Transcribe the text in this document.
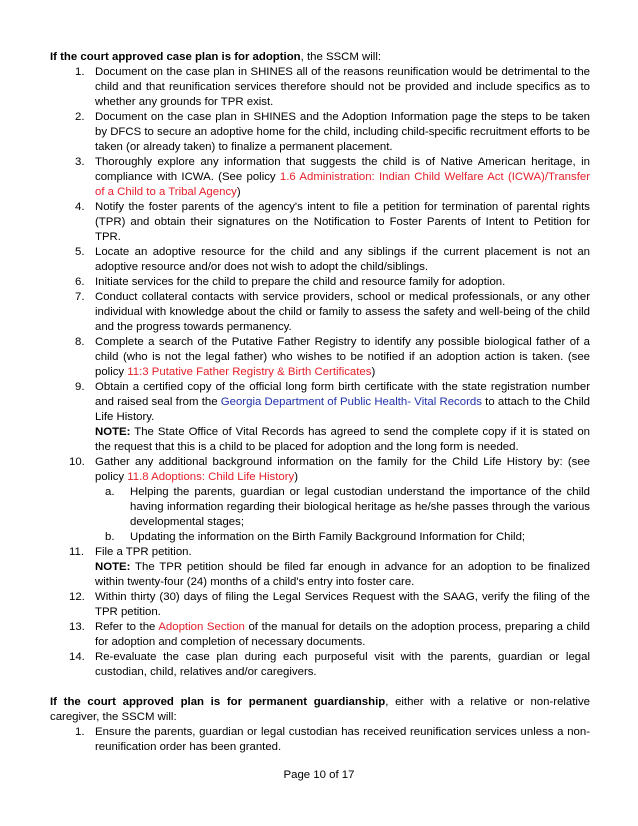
If the court approved case plan is for adoption, the SSCM will:

1. Document on the case plan in SHINES all of the reasons reunification would be detrimental to the child and that reunification services therefore should not be provided and include specifics as to whether any grounds for TPR exist.
2. Document on the case plan in SHINES and the Adoption Information page the steps to be taken by DFCS to secure an adoptive home for the child, including child-specific recruitment efforts to be taken (or already taken) to finalize a permanent placement.
3. Thoroughly explore any information that suggests the child is of Native American heritage, in compliance with ICWA. (See policy 1.6 Administration: Indian Child Welfare Act (ICWA)/Transfer of a Child to a Tribal Agency)
4. Notify the foster parents of the agency's intent to file a petition for termination of parental rights (TPR) and obtain their signatures on the Notification to Foster Parents of Intent to Petition for TPR.
5. Locate an adoptive resource for the child and any siblings if the current placement is not an adoptive resource and/or does not wish to adopt the child/siblings.
6. Initiate services for the child to prepare the child and resource family for adoption.
7. Conduct collateral contacts with service providers, school or medical professionals, or any other individual with knowledge about the child or family to assess the safety and well-being of the child and the progress towards permanency.
8. Complete a search of the Putative Father Registry to identify any possible biological father of a child (who is not the legal father) who wishes to be notified if an adoption action is taken. (see policy 11:3 Putative Father Registry & Birth Certificates)
9. Obtain a certified copy of the official long form birth certificate with the state registration number and raised seal from the Georgia Department of Public Health- Vital Records to attach to the Child Life History.
NOTE: The State Office of Vital Records has agreed to send the complete copy if it is stated on the request that this is a child to be placed for adoption and the long form is needed.
10. Gather any additional background information on the family for the Child Life History by: (see policy 11.8 Adoptions: Child Life History)
a. Helping the parents, guardian or legal custodian understand the importance of the child having information regarding their biological heritage as he/she passes through the various developmental stages;
b. Updating the information on the Birth Family Background Information for Child;
11. File a TPR petition.
NOTE: The TPR petition should be filed far enough in advance for an adoption to be finalized within twenty-four (24) months of a child's entry into foster care.
12. Within thirty (30) days of filing the Legal Services Request with the SAAG, verify the filing of the TPR petition.
13. Refer to the Adoption Section of the manual for details on the adoption process, preparing a child for adoption and completion of necessary documents.
14. Re-evaluate the case plan during each purposeful visit with the parents, guardian or legal custodian, child, relatives and/or caregivers.

If the court approved plan is for permanent guardianship, either with a relative or non-relative caregiver, the SSCM will:

1. Ensure the parents, guardian or legal custodian has received reunification services unless a non-reunification order has been granted.
Page 10 of 17
